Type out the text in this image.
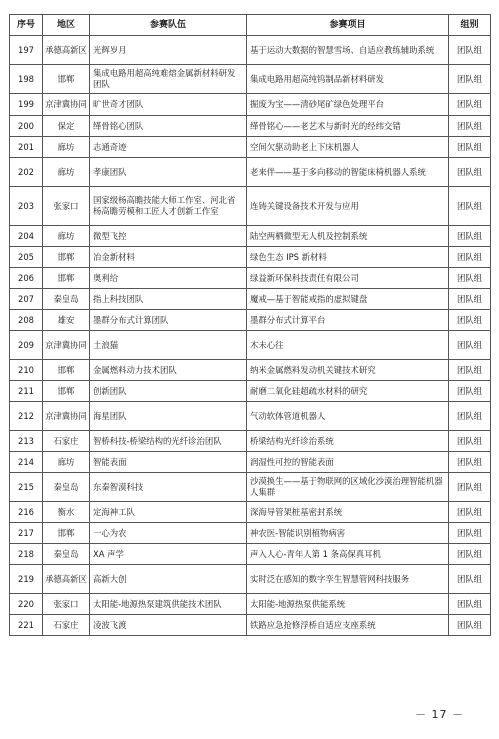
序号	地区	参赛队伍	参赛项目	组别
197	承德高新区	光辉岁月	基于运动大数据的智慧雪场、自适应教练辅助系统	团队组
198	邯郸	集成电路用超高纯难熔金属新材料研发团队	集成电路用超高纯钨制品新材料研发	团队组
199	京津冀协同	旷世奇才团队	掘废为宝——清砂尾矿绿色处理平台	团队组
200	保定	缂骨铭心团队	缂骨铭心——老艺术与新时光的经纬交错	团队组
201	廊坊	志通奇迹	空间欠驱动助老上下床机器人	团队组
202	廊坊	孝康团队	老来伴——基于多向移动的智能床椅机器人系统	团队组
203	张家口	国家级杨高瞻技能大师工作室、河北省杨高瞻劳模和工匠人才创新工作室	连铸关键设备技术开发与应用	团队组
204	廊坊	微型飞控	陆空两栖微型无人机及控制系统	团队组
205	邯郸	冶金新材料	绿色生态 IPS 新材料	团队组
206	邯郸	奥利给	绿益新环保科技责任有限公司	团队组
207	秦皇岛	指上科技团队	魔戒—基于智能戒指的虚拟键盘	团队组
208	雄安	墨群分布式计算团队	墨群分布式计算平台	团队组
209	京津冀协同	土浪猫	木未心往	团队组
210	邯郸	金属燃料动力技术团队	纳米金属燃料发动机关键技术研究	团队组
211	邯郸	创新团队	耐磨二氧化硅超疏水材料的研究	团队组
212	京津冀协同	海星团队	气动软体管道机器人	团队组
213	石家庄	智桥科技-桥梁结构的光纤诊治团队	桥梁结构光纤诊治系统	团队组
214	廊坊	智能表面	润湿性可控的智能表面	团队组
215	秦皇岛	东秦智漠科技	沙漠换生——基于物联网的区域化沙漠治理智能机器人集群	团队组
216	衡水	定海神工队	深海导管架桩基密封系统	团队组
217	邯郸	一心为农	神农医-智能识别植物病害	团队组
218	秦皇岛	XA 声学	声入人心-青年人第 1 条高保真耳机	团队组
219	承德高新区	高新大创	实时泛在感知的数字孪生智慧管网科技服务	团队组
220	张家口	太阳能-地源热泵建筑供能技术团队	太阳能-地源热泵供能系统	团队组
221	石家庄	凌波飞渡	铁路应急抢修浮桥自适应支座系统	团队组
－ 17 －
